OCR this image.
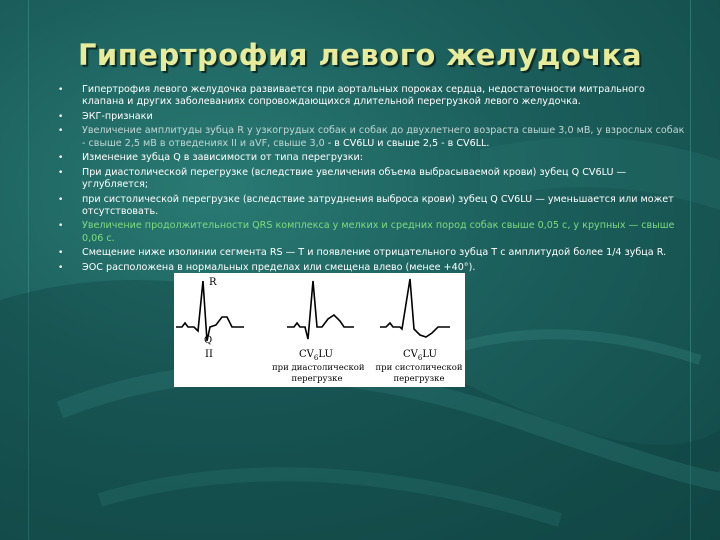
Гипертрофия левого желудочка
• Гипертрофия левого желудочка развивается при аортальных пороках сердца, недостаточности митрального клапана и других заболеваниях сопровождающихся длительной перегрузкой левого желудочка.
• ЭКГ-признаки
• Увеличение амплитуды зубца R у узкогрудых собак и собак до двухлетнего возраста свыше 3,0 мВ, у взрослых собак - свыше 2,5 мВ в отведениях II и aVF, свыше 3,0 - в CV6LU и свыше 2,5 - в CV6LL.
• Изменение зубца Q в зависимости от типа перегрузки:
• При диастолической перегрузке (вследствие увеличения объема выбрасываемой крови) зубец Q CV6LU — углубляется;
• при систолической перегрузке (вследствие затруднения выброса крови) зубец Q CV6LU — уменьшается или может отсутствовать.
• Увеличение продолжительности QRS комплекса у мелких и средних пород собак свыше 0,05 с, у крупных — свыше 0,06 с.
• Смещение ниже изолинии сегмента RS — Т и появление отрицательного зубца Т с амплитудой более 1/4 зубца R.
• ЭОС расположена в нормальных пределах или смещена влево (менее +40°).
R
Q
II	$CV_6LU$
при диастолической
перегрузке
$CV_6LU$
при систолической
перегрузке
